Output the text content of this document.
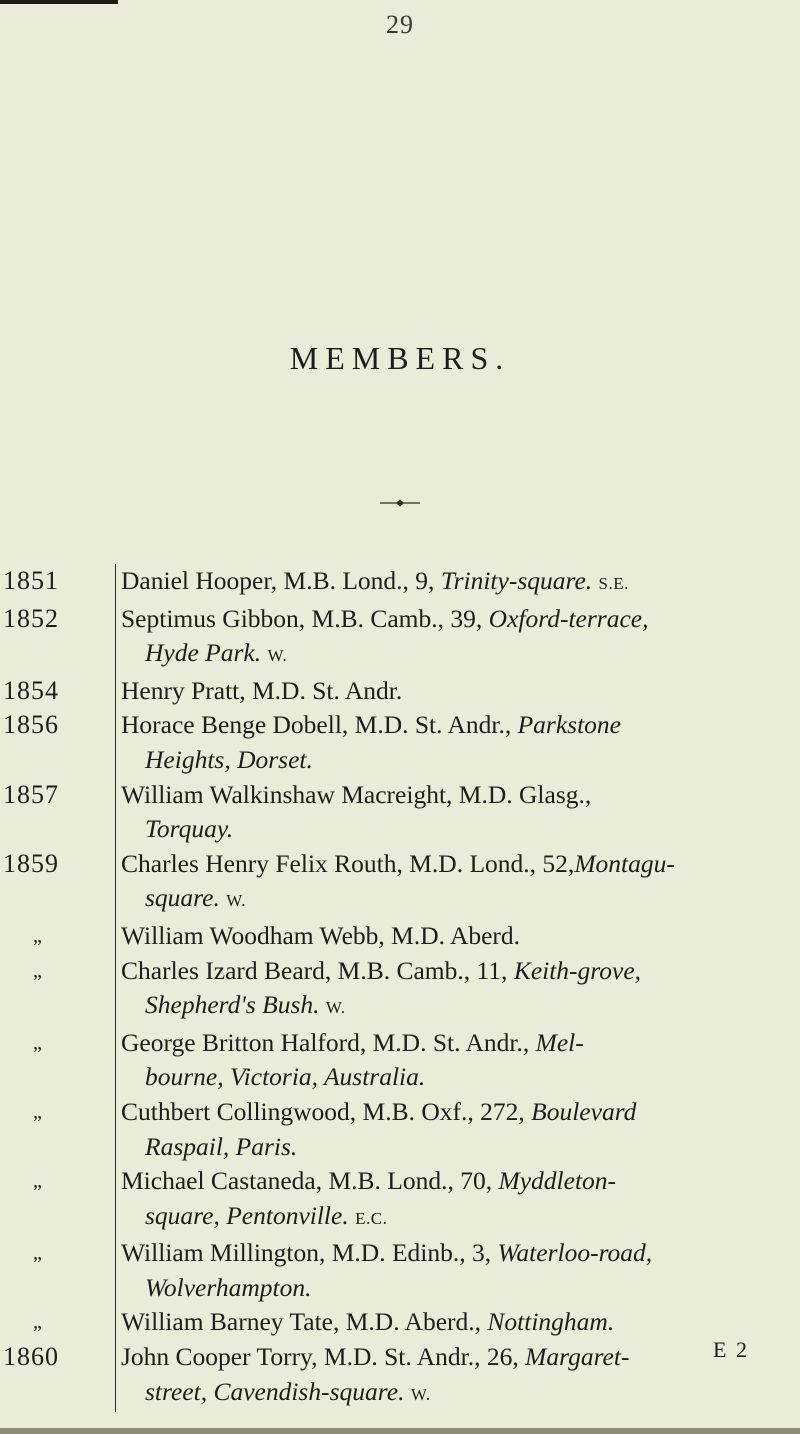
29
MEMBERS.
1851	Daniel Hooper, M.B. Lond., 9, Trinity-square. S.E.
1852	Septimus Gibbon, M.B. Camb., 39, Oxford-terrace,
Hyde Park. W.
1854	Henry Pratt, M.D. St. Andr.
1856	Horace Benge Dobell, M.D. St. Andr., Parkstone
Heights, Dorset.
1857	William Walkinshaw Macreight, M.D. Glasg.,
Torquay.
1859	Charles Henry Felix Routh, M.D. Lond., 52,Montagu-
square. W.
„	William Woodham Webb, M.D. Aberd.
„	Charles Izard Beard, M.B. Camb., 11, Keith-grove,
Shepherd's Bush. W.
„	George Britton Halford, M.D. St. Andr., Mel-
bourne, Victoria, Australia.
„	Cuthbert Collingwood, M.B. Oxf., 272, Boulevard
Raspail, Paris.
„	Michael Castaneda, M.B. Lond., 70, Myddleton-
square, Pentonville. E.C.
„	William Millington, M.D. Edinb., 3, Waterloo-road,
Wolverhampton.
„	William Barney Tate, M.D. Aberd., Nottingham.
1860	John Cooper Torry, M.D. St. Andr., 26, Margaret-
street, Cavendish-square. W.
E 2
